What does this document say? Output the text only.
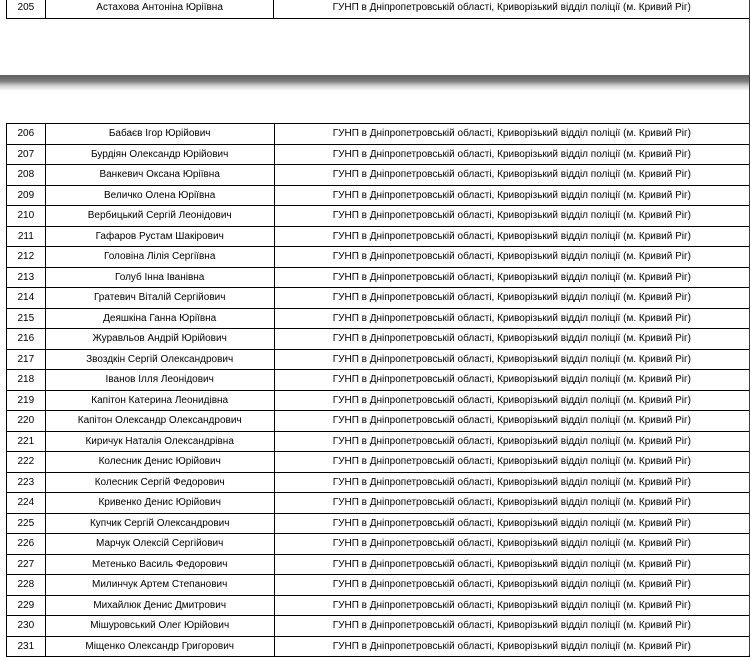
205	Астахова Антоніна Юріївна	ГУНП в Дніпропетровській області, Криворізький відділ поліції (м. Кривий Ріг)
206	Бабаєв Ігор Юрійович	ГУНП в Дніпропетровській області, Криворізький відділ поліції (м. Кривий Ріг)
207	Бурдіян Олександр Юрійович	ГУНП в Дніпропетровській області, Криворізький відділ поліції (м. Кривий Ріг)
208	Ванкевич Оксана Юріївна	ГУНП в Дніпропетровській області, Криворізький відділ поліції (м. Кривий Ріг)
209	Величко Олена Юріївна	ГУНП в Дніпропетровській області, Криворізький відділ поліції (м. Кривий Ріг)
210	Вербицький Сергій Леонідович	ГУНП в Дніпропетровській області, Криворізький відділ поліції (м. Кривий Ріг)
211	Гафаров Рустам Шакірович	ГУНП в Дніпропетровській області, Криворізький відділ поліції (м. Кривий Ріг)
212	Головіна Лілія Сергіївна	ГУНП в Дніпропетровській області, Криворізький відділ поліції (м. Кривий Ріг)
213	Голуб Інна Іванівна	ГУНП в Дніпропетровській області, Криворізький відділ поліції (м. Кривий Ріг)
214	Гратевич Віталій Сергійович	ГУНП в Дніпропетровській області, Криворізький відділ поліції (м. Кривий Ріг)
215	Деяшкіна Ганна Юріївна	ГУНП в Дніпропетровській області, Криворізький відділ поліції (м. Кривий Ріг)
216	Журавльов Андрій Юрійович	ГУНП в Дніпропетровській області, Криворізький відділ поліції (м. Кривий Ріг)
217	Звоздкін Сергій Олександрович	ГУНП в Дніпропетровській області, Криворізький відділ поліції (м. Кривий Ріг)
218	Іванов Ілля Леонідович	ГУНП в Дніпропетровській області, Криворізький відділ поліції (м. Кривий Ріг)
219	Капітон Катерина Леонидівна	ГУНП в Дніпропетровській області, Криворізький відділ поліції (м. Кривий Ріг)
220	Капітон Олександр Олександрович	ГУНП в Дніпропетровській області, Криворізький відділ поліції (м. Кривий Ріг)
221	Киричук Наталія Олександрівна	ГУНП в Дніпропетровській області, Криворізький відділ поліції (м. Кривий Ріг)
222	Колесник Денис Юрійович	ГУНП в Дніпропетровській області, Криворізький відділ поліції (м. Кривий Ріг)
223	Колесник Сергій Федорович	ГУНП в Дніпропетровській області, Криворізький відділ поліції (м. Кривий Ріг)
224	Кривенко Денис Юрійович	ГУНП в Дніпропетровській області, Криворізький відділ поліції (м. Кривий Ріг)
225	Купчик Сергій Олександрович	ГУНП в Дніпропетровській області, Криворізький відділ поліції (м. Кривий Ріг)
226	Марчук Олексій Сергійович	ГУНП в Дніпропетровській області, Криворізький відділ поліції (м. Кривий Ріг)
227	Метенько Василь Федорович	ГУНП в Дніпропетровській області, Криворізький відділ поліції (м. Кривий Ріг)
228	Милинчук Артем Степанович	ГУНП в Дніпропетровській області, Криворізький відділ поліції (м. Кривий Ріг)
229	Михайлюк Денис Дмитрович	ГУНП в Дніпропетровській області, Криворізький відділ поліції (м. Кривий Ріг)
230	Мішуровський Олег Юрійович	ГУНП в Дніпропетровській області, Криворізький відділ поліції (м. Кривий Ріг)
231	Міщенко Олександр Григорович	ГУНП в Дніпропетровській області, Криворізький відділ поліції (м. Кривий Ріг)
